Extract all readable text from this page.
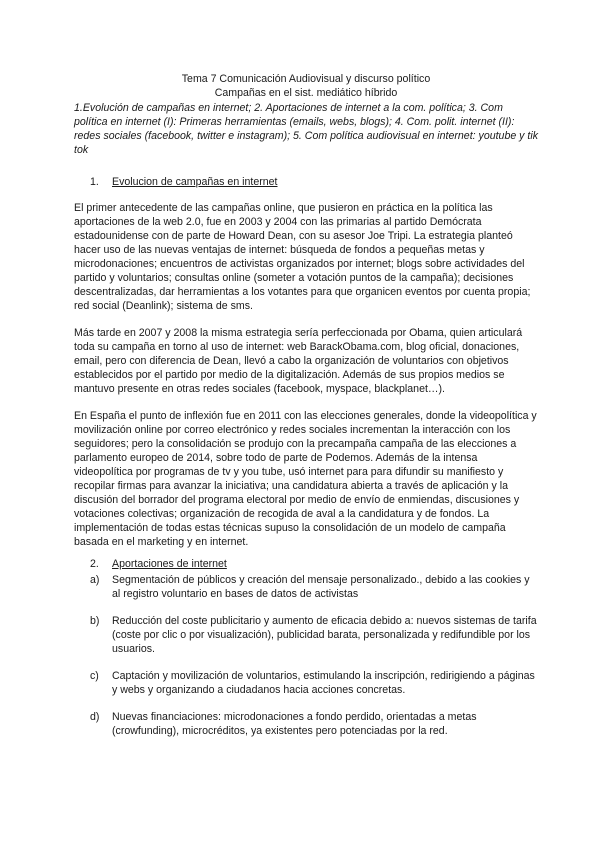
Tema 7 Comunicación Audiovisual y discurso político
Campañas en el sist. mediático híbrido
1.Evolución de campañas en internet; 2. Aportaciones de internet a la com. política; 3. Com política en internet (I): Primeras herramientas (emails, webs, blogs); 4. Com. polit. internet (II): redes sociales (facebook, twitter e instagram); 5. Com política audiovisual en internet: youtube y tik tok
1. Evolucion de campañas en internet

El primer antecedente de las campañas online, que pusieron en práctica en la política las aportaciones de la web 2.0, fue en 2003 y 2004 con las primarias al partido Demócrata estadounidense con de parte de Howard Dean, con su asesor Joe Tripi. La estrategia planteó hacer uso de las nuevas ventajas de internet: búsqueda de fondos a pequeñas metas y microdonaciones; encuentros de activistas organizados por internet; blogs sobre actividades del partido y voluntarios; consultas online (someter a votación puntos de la campaña); decisiones descentralizadas, dar herramientas a los votantes para que organicen eventos por cuenta propia; red social (Deanlink); sistema de sms.

Más tarde en 2007 y 2008 la misma estrategia sería perfeccionada por Obama, quien articulará toda su campaña en torno al uso de internet: web BarackObama.com, blog oficial, donaciones, email, pero con diferencia de Dean, llevó a cabo la organización de voluntarios con objetivos establecidos por el partido por medio de la digitalización. Además de sus propios medios se mantuvo presente en otras redes sociales (facebook, myspace, blackplanet…).

En España el punto de inflexión fue en 2011 con las elecciones generales, donde la videopolítica y movilización online por correo electrónico y redes sociales incrementan la interacción con los seguidores; pero la consolidación se produjo con la precampaña campaña de las elecciones a parlamento europeo de 2014, sobre todo de parte de Podemos. Además de la intensa videopolítica por programas de tv y you tube, usó internet para para difundir su manifiesto y recopilar firmas para avanzar la iniciativa; una candidatura abierta a través de aplicación y la discusión del borrador del programa electoral por medio de envío de enmiendas, discusiones y votaciones colectivas; organización de recogida de aval a la candidatura y de fondos. La implementación de todas estas técnicas supuso la consolidación de un modelo de campaña basada en el marketing y en internet.

2. Aportaciones de internet
a) Segmentación de públicos y creación del mensaje personalizado., debido a las cookies y al registro voluntario en bases de datos de activistas
b) Reducción del coste publicitario y aumento de eficacia debido a: nuevos sistemas de tarifa (coste por clic o por visualización), publicidad barata, personalizada y redifundible por los usuarios.
c) Captación y movilización de voluntarios, estimulando la inscripción, redirigiendo a páginas y webs y organizando a ciudadanos hacia acciones concretas.
d) Nuevas financiaciones: microdonaciones a fondo perdido, orientadas a metas (crowfunding), microcréditos, ya existentes pero potenciadas por la red.
